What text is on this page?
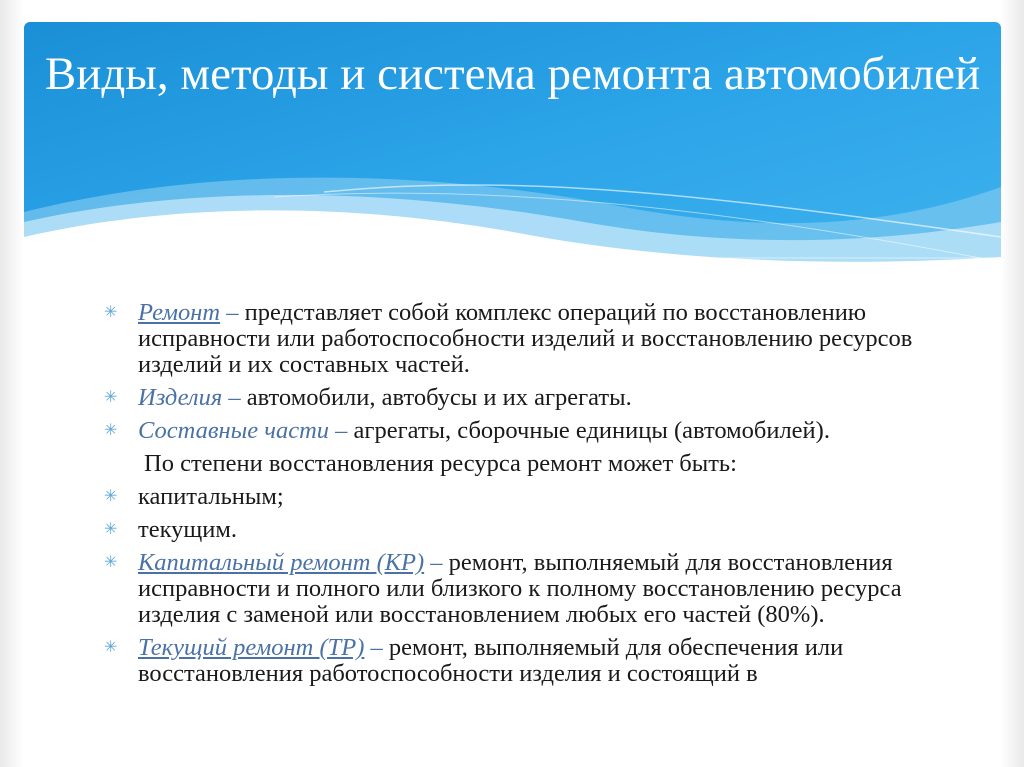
Виды, методы и система ремонта автомобилей
✳ Ремонт – представляет собой комплекс операций по восстановлению исправности или работоспособности изделий и восстановлению ресурсов изделий и их составных частей.
✳ Изделия – автомобили, автобусы и их агрегаты.
✳ Составные части – агрегаты, сборочные единицы (автомобилей).
По степени восстановления ресурса ремонт может быть:
✳ капитальным;
✳ текущим.
✳ Капитальный ремонт (КР) – ремонт, выполняемый для восстановления исправности и полного или близкого к полному восстановлению ресурса изделия с заменой или восстановлением любых его частей (80%).
✳ Текущий ремонт (ТР) – ремонт, выполняемый для обеспечения или восстановления работоспособности изделия и состоящий в
